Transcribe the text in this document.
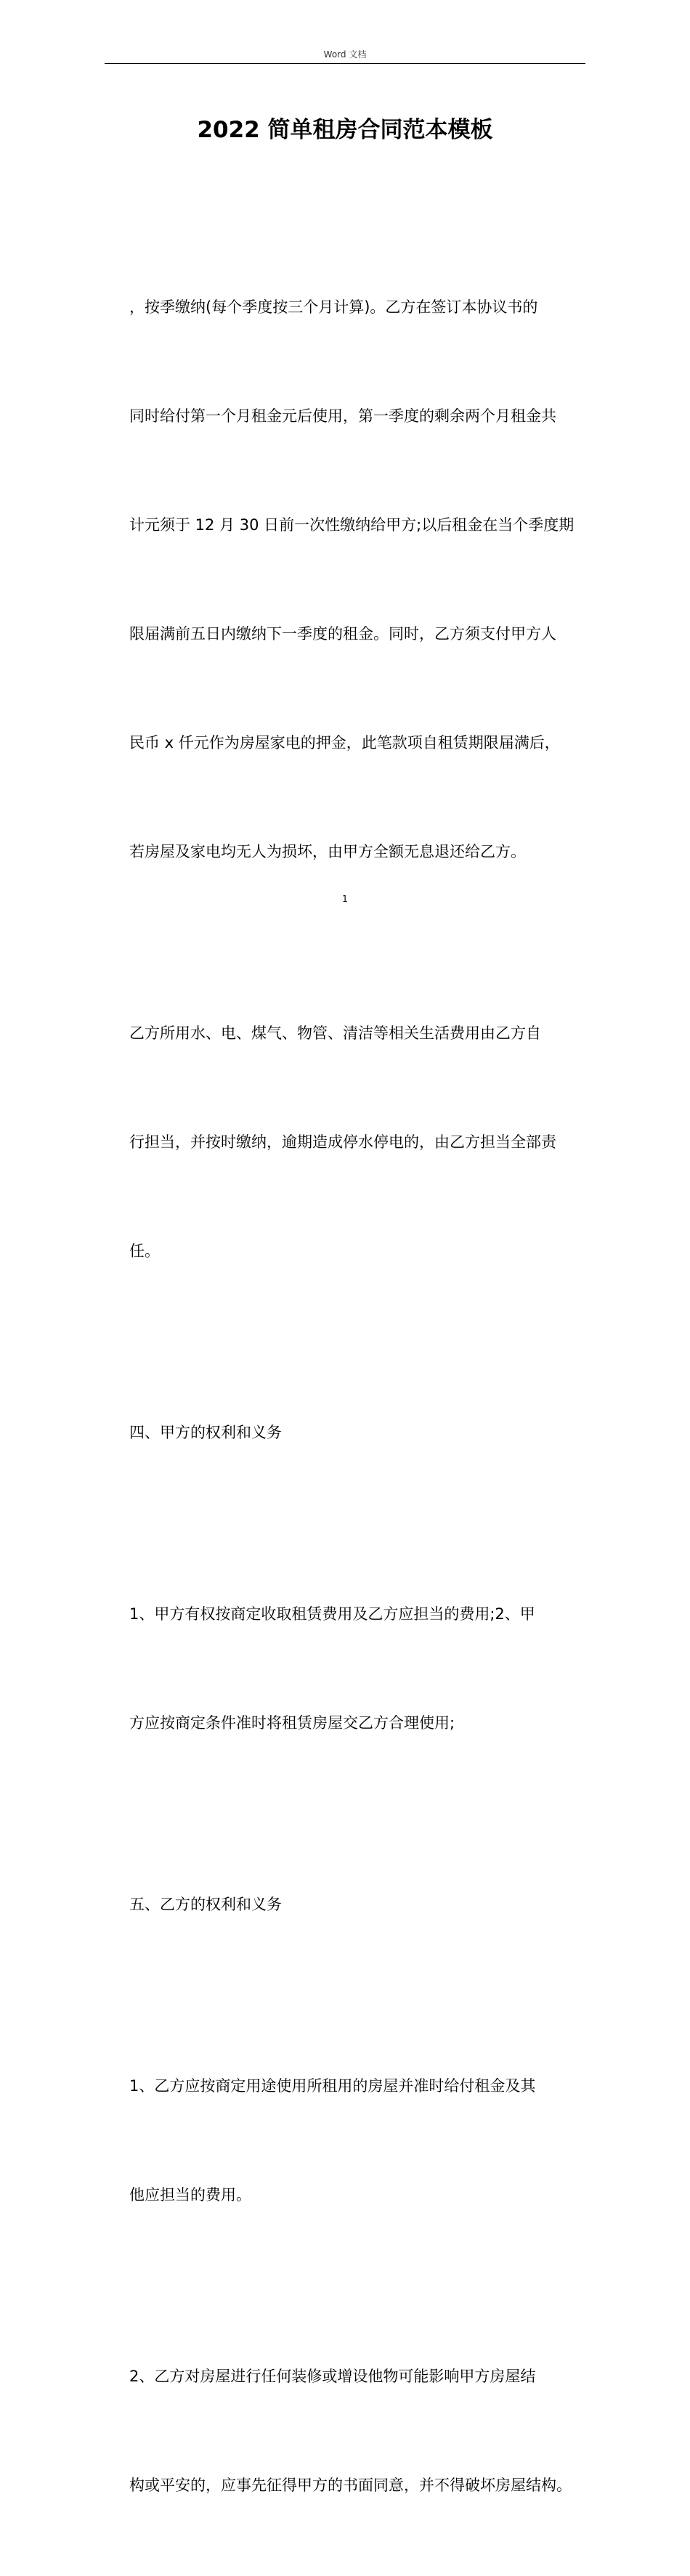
Word 文档
2022 简单租房合同范本模板

，按季缴纳(每个季度按三个月计算)。乙方在签订本协议书的

同时给付第一个月租金元后使用，第一季度的剩余两个月租金共

计元须于 12 月 30 日前一次性缴纳给甲方;以后租金在当个季度期

限届满前五日内缴纳下一季度的租金。同时，乙方须支付甲方人

民币 x 仟元作为房屋家电的押金，此笔款项自租赁期限届满后，

若房屋及家电均无人为损坏，由甲方全额无息退还给乙方。

乙方所用水、电、煤气、物管、清洁等相关生活费用由乙方自

行担当，并按时缴纳，逾期造成停水停电的，由乙方担当全部责

任。

四、甲方的权利和义务

1、甲方有权按商定收取租赁费用及乙方应担当的费用;2、甲

方应按商定条件准时将租赁房屋交乙方合理使用;

五、乙方的权利和义务

1、乙方应按商定用途使用所租用的房屋并准时给付租金及其

他应担当的费用。

2、乙方对房屋进行任何装修或增设他物可能影响甲方房屋结

构或平安的，应事先征得甲方的书面同意，并不得破坏房屋结构。

1
